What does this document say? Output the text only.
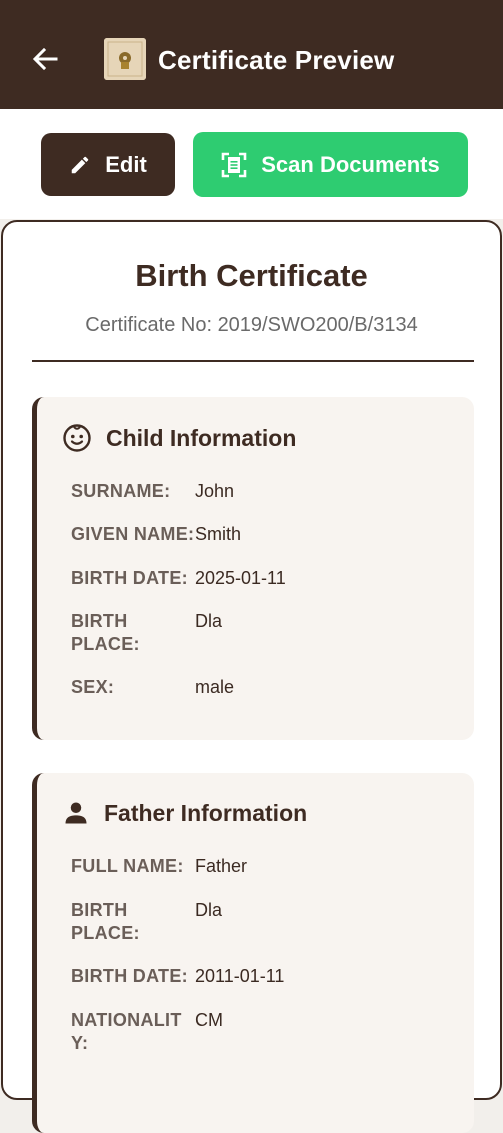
Certificate Preview
Edit	Scan Documents
Birth Certificate
Certificate No: 2019/SWO200/B/3134
Child Information
SURNAME:	John
GIVEN NAME: Smith
BIRTH DATE: 2025-01-11
BIRTH PLACE:
Dla
SEX:	male
Father Information
FULL NAME: Father
BIRTH PLACE:
Dla
BIRTH DATE: 2011-01-11
NATIONALITY:
CM
